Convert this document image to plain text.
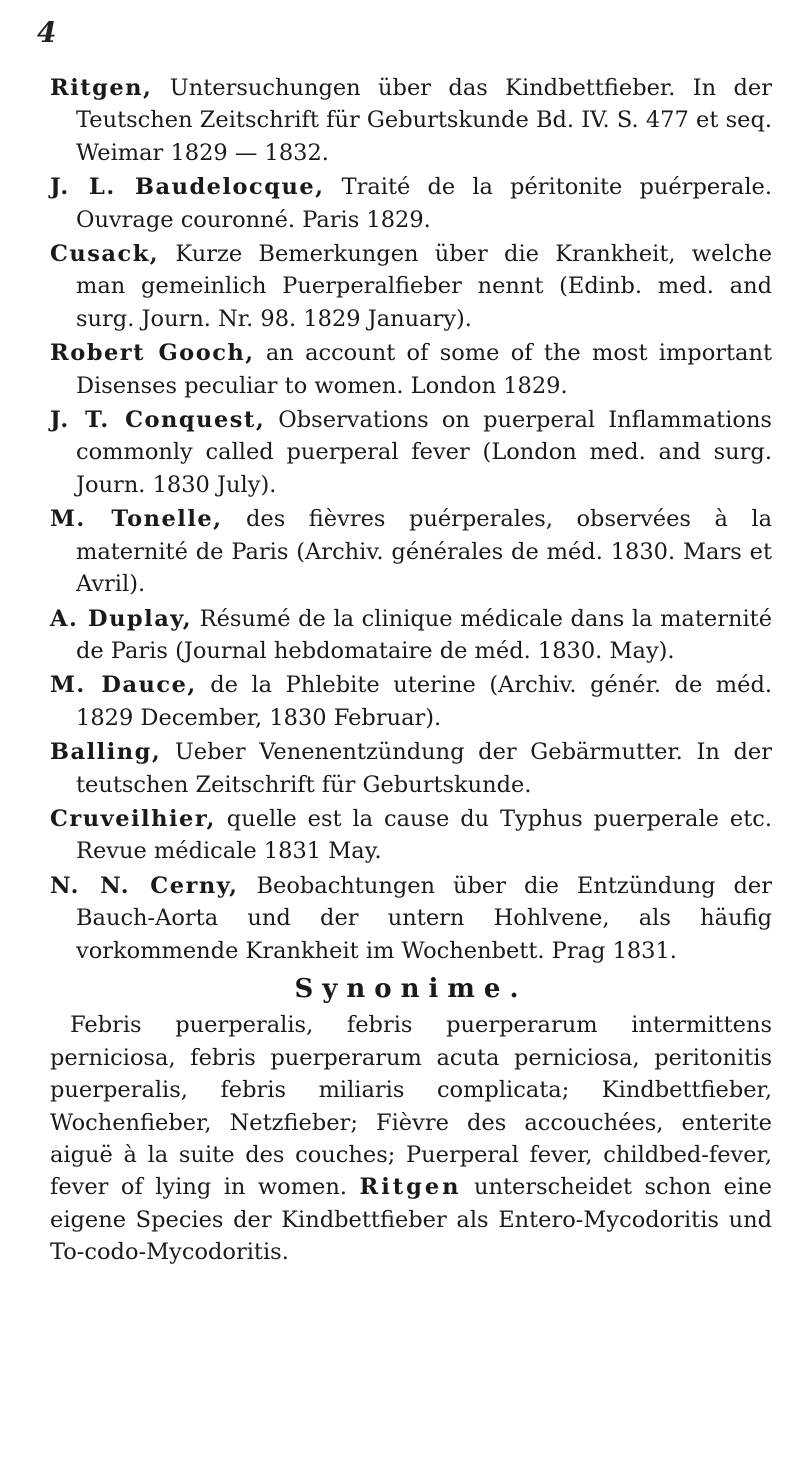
4

Ritgen, Untersuchungen über das Kindbettfieber. In der Teutschen Zeitschrift für Geburtskunde Bd. IV. S. 477 et seq. Weimar 1829 — 1832.

J. L. Baudelocque, Traité de la péritonite puérperale. Ouvrage couronné. Paris 1829.

Cusack, Kurze Bemerkungen über die Krankheit, welche man gemeinlich Puerperalfieber nennt (Edinb. med. and surg. Journ. Nr. 98. 1829 January).

Robert Gooch, an account of some of the most important Disenses peculiar to women. London 1829.

J. T. Conquest, Observations on puerperal Inflammations commonly called puerperal fever (London med. and surg. Journ. 1830 July).

M. Tonelle, des fièvres puérperales, observées à la maternité de Paris (Archiv. générales de méd. 1830. Mars et Avril).

A. Duplay, Résumé de la clinique médicale dans la maternité de Paris (Journal hebdomataire de méd. 1830. May).

M. Dauce, de la Phlebite uterine (Archiv. génér. de méd. 1829 December, 1830 Februar).

Balling, Ueber Venenentzündung der Gebärmutter. In der teutschen Zeitschrift für Geburtskunde.

Cruveilhier, quelle est la cause du Typhus puerperale etc. Revue médicale 1831 May.

N. N. Cerny, Beobachtungen über die Entzündung der Bauch-Aorta und der untern Hohlvene, als häufig vorkommende Krankheit im Wochenbett. Prag 1831.

Synonime.

Febris puerperalis, febris puerperarum intermittens perniciosa, febris puerperarum acuta perniciosa, peritonitis puerperalis, febris miliaris complicata; Kindbettfieber, Wochenfieber, Netzfieber; Fièvre des accouchées, enterite aiguë à la suite des couches; Puerperal fever, childbed-fever, fever of lying in women. Ritgen unterscheidet schon eine eigene Species der Kindbettfieber als Entero-Mycodoritis und To-codo-Mycodoritis.
